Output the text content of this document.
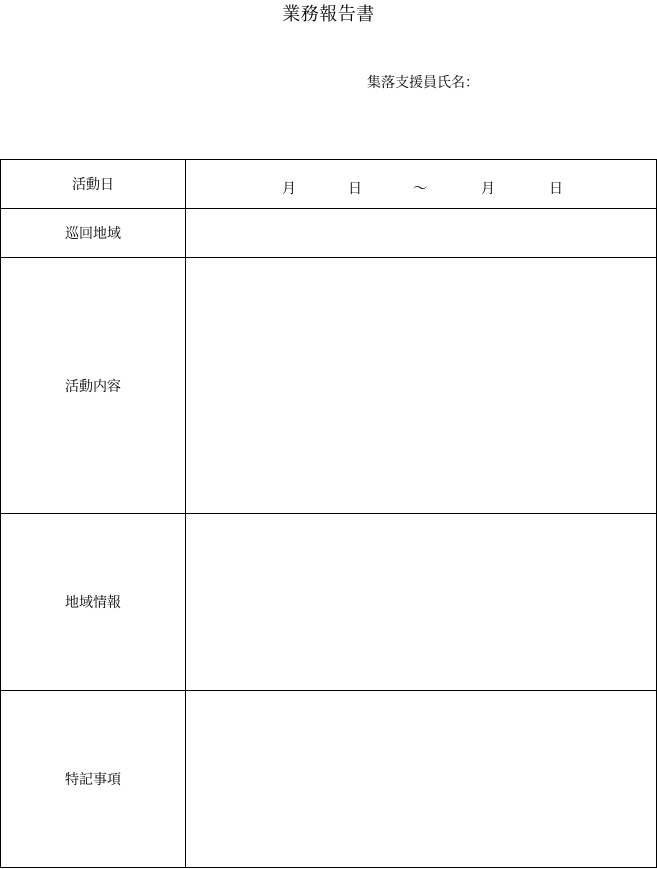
業務報告書
集落支援員氏名：
活動日	月 日 ～ 月 日

巡回地域	
活動内容	
地域情報	
特記事項	
